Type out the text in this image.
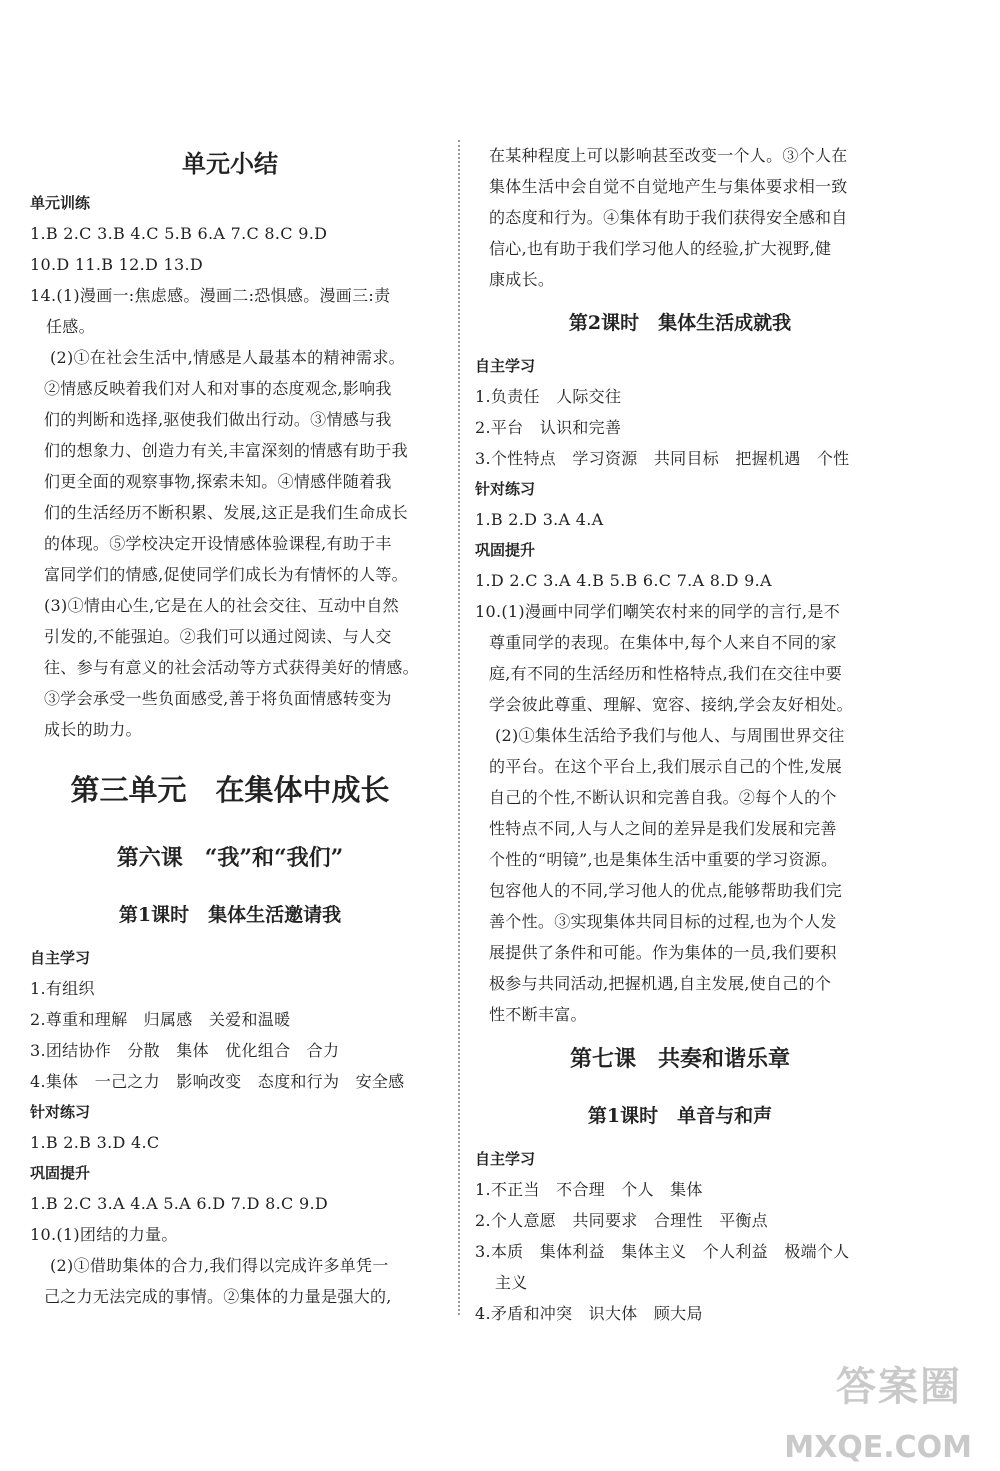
单元小结
单元训练
1.B 2.C 3.B 4.C 5.B 6.A 7.C 8.C 9.D
10.D 11.B 12.D 13.D
14.(1)漫画一:焦虑感。漫画二:恐惧感。漫画三:责
任感。
(2)①在社会生活中,情感是人最基本的精神需求。
②情感反映着我们对人和对事的态度观念,影响我
们的判断和选择,驱使我们做出行动。③情感与我
们的想象力、创造力有关,丰富深刻的情感有助于我
们更全面的观察事物,探索未知。④情感伴随着我
们的生活经历不断积累、发展,这正是我们生命成长
的体现。⑤学校决定开设情感体验课程,有助于丰
富同学们的情感,促使同学们成长为有情怀的人等。
(3)①情由心生,它是在人的社会交往、互动中自然
引发的,不能强迫。②我们可以通过阅读、与人交
往、参与有意义的社会活动等方式获得美好的情感。
③学会承受一些负面感受,善于将负面情感转变为
成长的助力。
第三单元　在集体中成长
第六课　“我”和“我们”
第1课时　集体生活邀请我
自主学习
1.有组织
2.尊重和理解　归属感　关爱和温暖
3.团结协作　分散　集体　优化组合　合力
4.集体　一己之力　影响改变　态度和行为　安全感
针对练习
1.B 2.B 3.D 4.C
巩固提升
1.B 2.C 3.A 4.A 5.A 6.D 7.D 8.C 9.D
10.(1)团结的力量。
(2)①借助集体的合力,我们得以完成许多单凭一
己之力无法完成的事情。②集体的力量是强大的,
在某种程度上可以影响甚至改变一个人。③个人在
集体生活中会自觉不自觉地产生与集体要求相一致
的态度和行为。④集体有助于我们获得安全感和自
信心,也有助于我们学习他人的经验,扩大视野,健
康成长。
第2课时　集体生活成就我
自主学习
1.负责任　人际交往
2.平台　认识和完善
3.个性特点　学习资源　共同目标　把握机遇　个性
针对练习
1.B 2.D 3.A 4.A
巩固提升
1.D 2.C 3.A 4.B 5.B 6.C 7.A 8.D 9.A
10.(1)漫画中同学们嘲笑农村来的同学的言行,是不
尊重同学的表现。在集体中,每个人来自不同的家
庭,有不同的生活经历和性格特点,我们在交往中要
学会彼此尊重、理解、宽容、接纳,学会友好相处。
(2)①集体生活给予我们与他人、与周围世界交往
的平台。在这个平台上,我们展示自己的个性,发展
自己的个性,不断认识和完善自我。②每个人的个
性特点不同,人与人之间的差异是我们发展和完善
个性的“明镜”,也是集体生活中重要的学习资源。
包容他人的不同,学习他人的优点,能够帮助我们完
善个性。③实现集体共同目标的过程,也为个人发
展提供了条件和可能。作为集体的一员,我们要积
极参与共同活动,把握机遇,自主发展,使自己的个
性不断丰富。
第七课　共奏和谐乐章
第1课时　单音与和声
自主学习
1.不正当　不合理　个人　集体
2.个人意愿　共同要求　合理性　平衡点
3.本质　集体利益　集体主义　个人利益　极端个人
主义
4.矛盾和冲突　识大体　顾大局
答案圈
MXQE.COM
